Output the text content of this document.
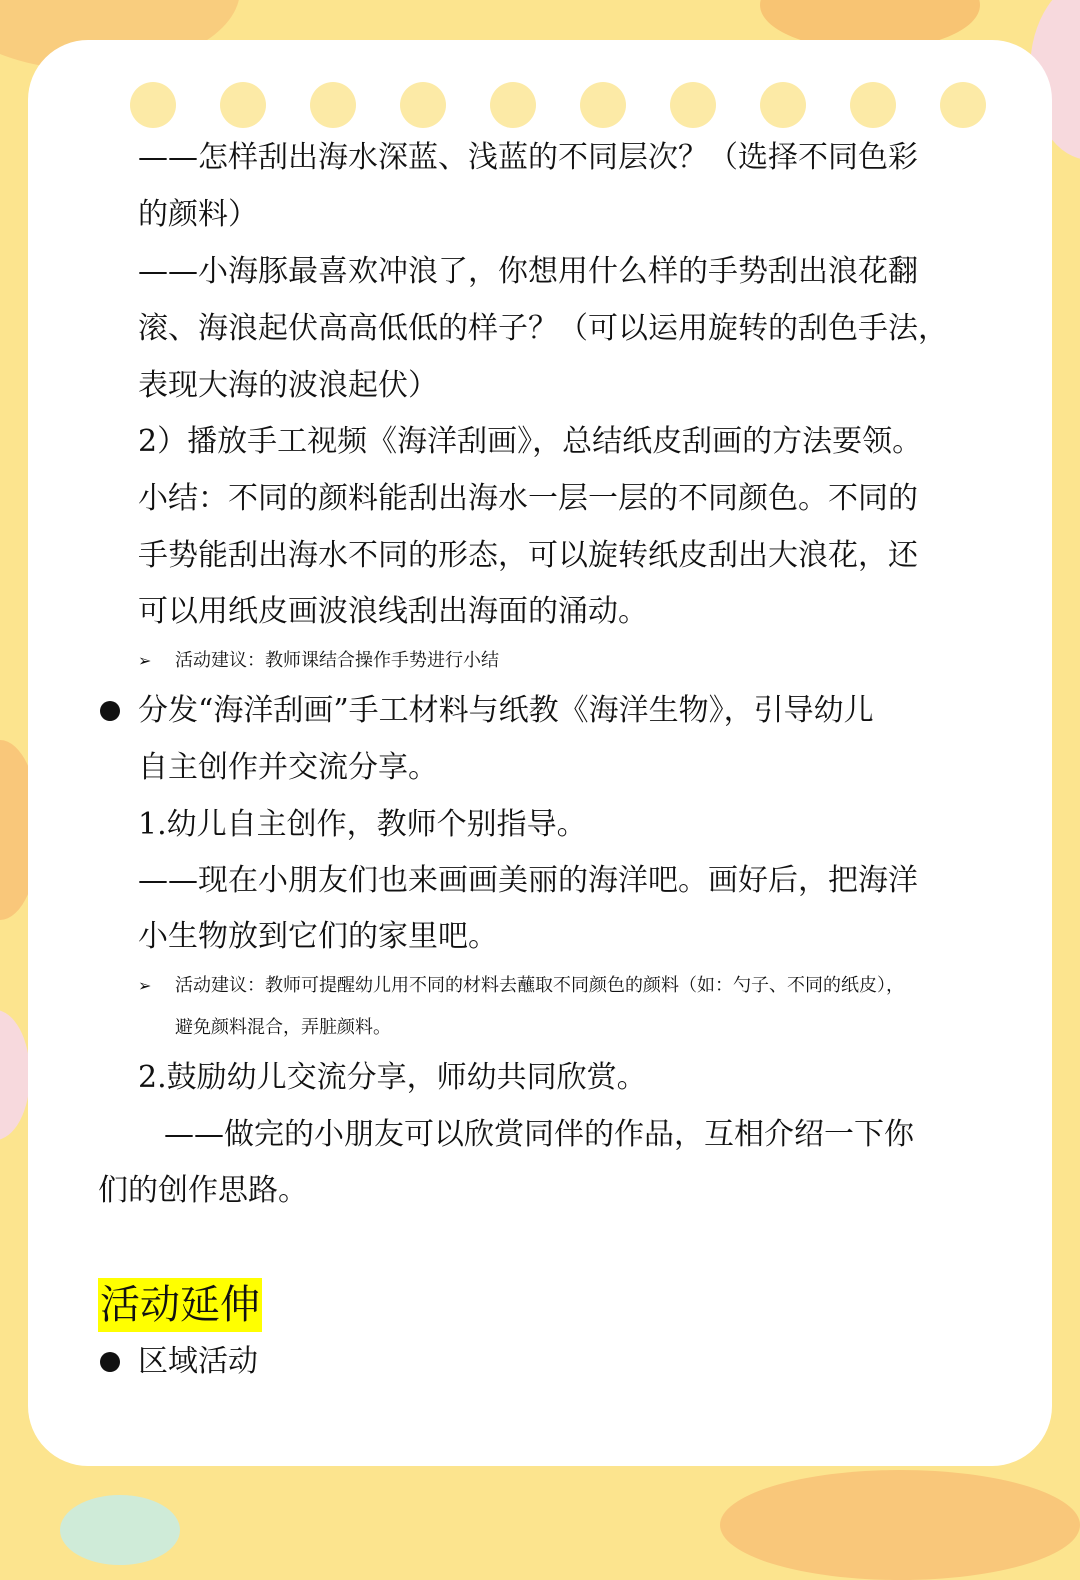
——怎样刮出海水深蓝、浅蓝的不同层次？（选择不同色彩
的颜料）
——小海豚最喜欢冲浪了，你想用什么样的手势刮出浪花翻
滚、海浪起伏高高低低的样子？（可以运用旋转的刮色手法，
表现大海的波浪起伏）
2）播放手工视频《海洋刮画》，总结纸皮刮画的方法要领。
小结：不同的颜料能刮出海水一层一层的不同颜色。不同的
手势能刮出海水不同的形态，可以旋转纸皮刮出大浪花，还
可以用纸皮画波浪线刮出海面的涌动。
➢ 活动建议：教师课结合操作手势进行小结
分发“海洋刮画”手工材料与纸教《海洋生物》，引导幼儿
自主创作并交流分享。
1.幼儿自主创作，教师个别指导。
——现在小朋友们也来画画美丽的海洋吧。画好后，把海洋
小生物放到它们的家里吧。
➢ 活动建议：教师可提醒幼儿用不同的材料去蘸取不同颜色的颜料（如：勺子、不同的纸皮），
避免颜料混合，弄脏颜料。
2.鼓励幼儿交流分享，师幼共同欣赏。
——做完的小朋友可以欣赏同伴的作品，互相介绍一下你
们的创作思路。
活动延伸
区域活动
